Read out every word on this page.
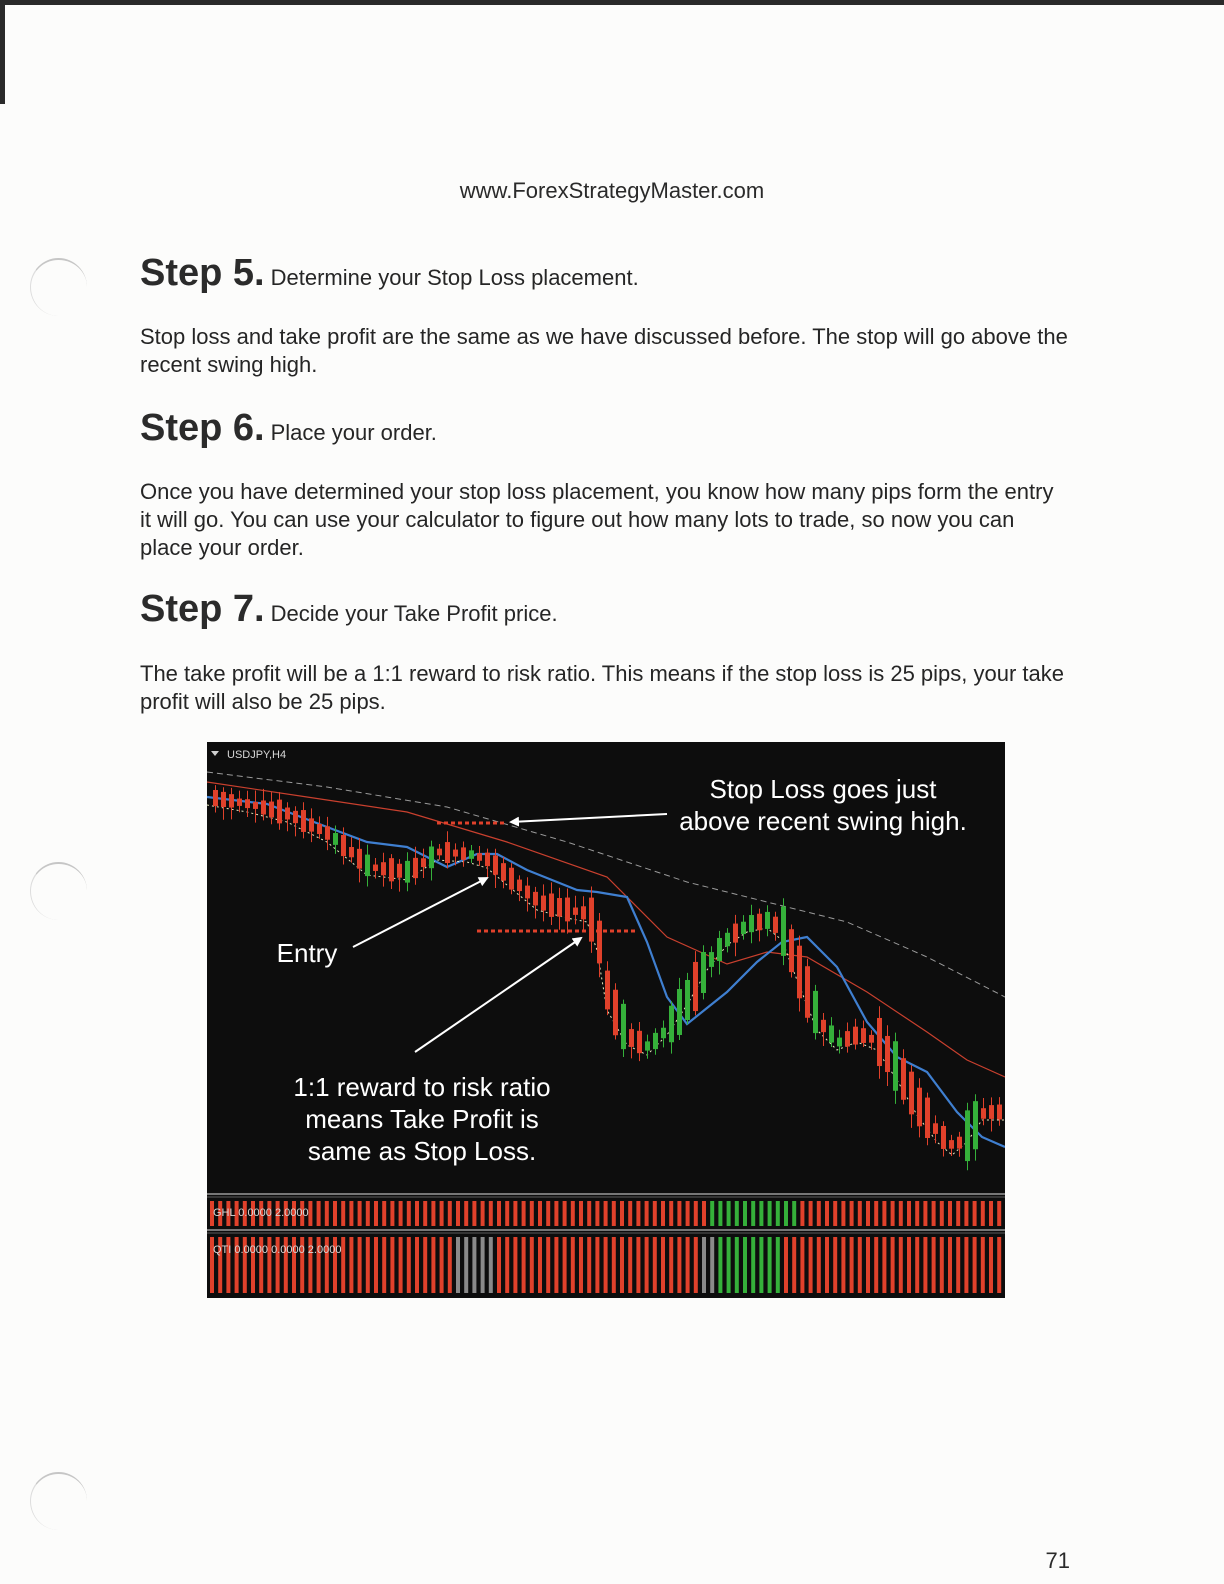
www.ForexStrategyMaster.com
Step 5. Determine your Stop Loss placement.

Stop loss and take profit are the same as we have discussed before. The stop will go above the recent swing high.

Step 6. Place your order.

Once you have determined your stop loss placement, you know how many pips form the entry it will go. You can use your calculator to figure out how many lots to trade, so now you can place your order.

Step 7. Decide your Take Profit price.

The take profit will be a 1:1 reward to risk ratio. This means if the stop loss is 25 pips, your take profit will also be 25 pips.

USDJPY,H4
Stop Loss goes just
above recent swing high.
Entry
1:1 reward to risk ratio
means Take Profit is
same as Stop Loss.
GHL 0.0000 2.0000
QTI 0.0000 0.0000 2.0000
71
